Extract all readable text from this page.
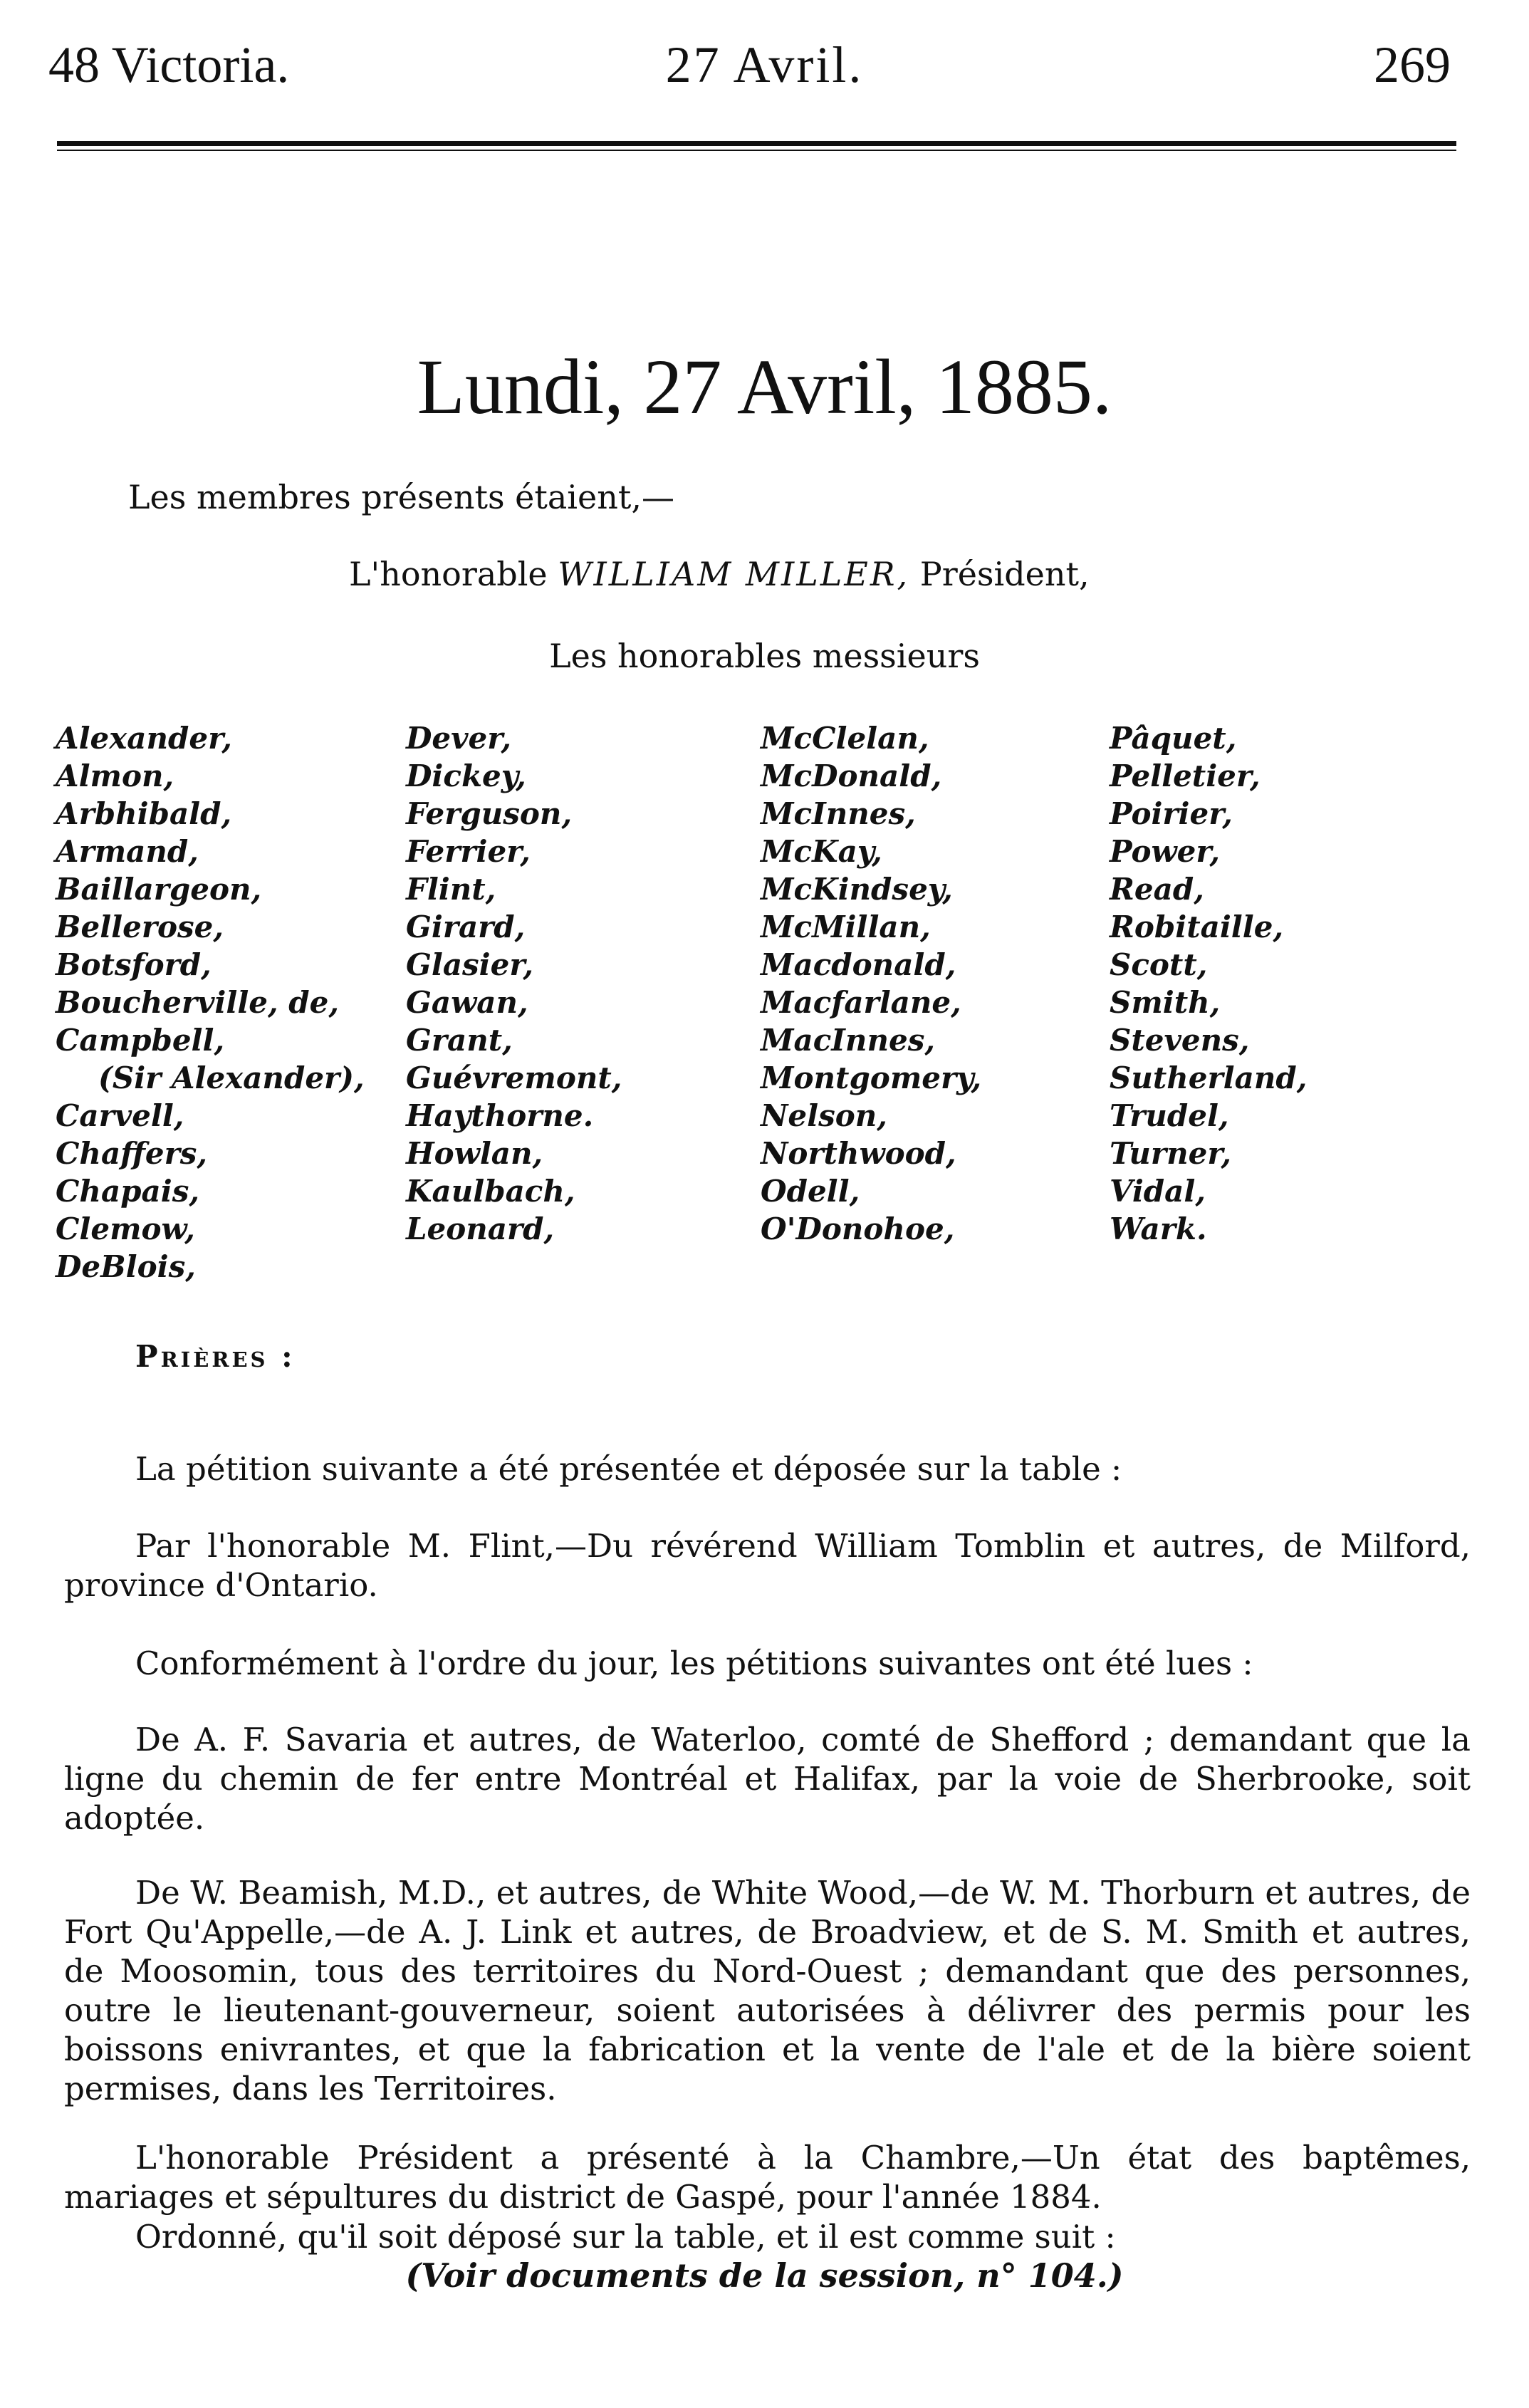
48 Victoria.	27 Avril.	269
Lundi, 27 Avril, 1885.
Les membres présents étaient,—
L'honorable WILLIAM MILLER, Président,
Les honorables messieurs
Alexander,
Almon,
Arbhibald,
Armand,
Baillargeon,
Bellerose,
Botsford,
Boucherville, de,
Campbell,
(Sir Alexander),
Carvell,
Chaffers,
Chapais,
Clemow,
DeBlois,
Dever,
Dickey,
Ferguson,
Ferrier,
Flint,
Girard,
Glasier,
Gawan,
Grant,
Guévremont,
Haythorne.
Howlan,
Kaulbach,
Leonard,
McClelan,
McDonald,
McInnes,
McKay,
McKindsey,
McMillan,
Macdonald,
Macfarlane,
MacInnes,
Montgomery,
Nelson,
Northwood,
Odell,
O'Donohoe,
Pâquet,
Pelletier,
Poirier,
Power,
Read,
Robitaille,
Scott,
Smith,
Stevens,
Sutherland,
Trudel,
Turner,
Vidal,
Wark.
Prières :

La pétition suivante a été présentée et déposée sur la table :

Par l'honorable M. Flint,—Du révérend William Tomblin et autres, de Milford, province d'Ontario.

Conformément à l'ordre du jour, les pétitions suivantes ont été lues :

De A. F. Savaria et autres, de Waterloo, comté de Shefford ; demandant que la ligne du chemin de fer entre Montréal et Halifax, par la voie de Sherbrooke, soit adoptée.

De W. Beamish, M.D., et autres, de White Wood,—de W. M. Thorburn et autres, de Fort Qu'Appelle,—de A. J. Link et autres, de Broadview, et de S. M. Smith et autres, de Moosomin, tous des territoires du Nord-Ouest ; demandant que des personnes, outre le lieutenant-gouverneur, soient autorisées à délivrer des permis pour les boissons enivrantes, et que la fabrication et la vente de l'ale et de la bière soient permises, dans les Territoires.

L'honorable Président a présenté à la Chambre,—Un état des baptêmes, mariages et sépultures du district de Gaspé, pour l'année 1884.

Ordonné, qu'il soit déposé sur la table, et il est comme suit :

(Voir documents de la session, n° 104.)
